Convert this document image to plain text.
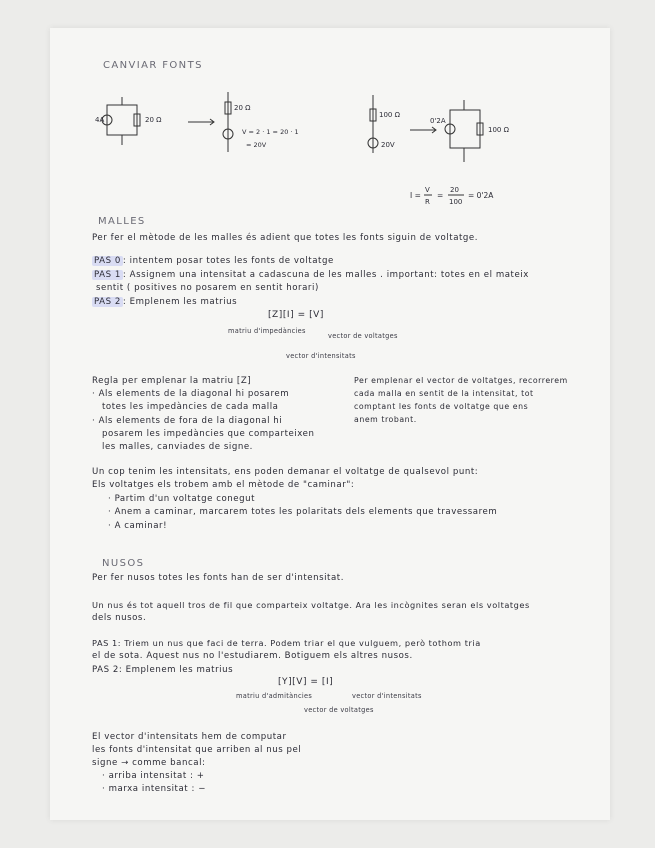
CANVIAR FONTS
4A	20 Ω
20 Ω
V = 2 · 1 = 20 · 1
= 20V
100 Ω
20V
0'2A
100 Ω
I =
V
R
=
20
100
= 0'2A
MALLES
Per fer el mètode de les malles és adient que totes les fonts siguin de voltatge.
PAS 0 : intentem posar totes les fonts de voltatge
PAS 1 : Assignem una intensitat a cadascuna de les malles . important: totes en el mateix
sentit ( positives no posarem en sentit horari)
PAS 2 : Emplenem les matrius
[Z][I] = [V]
matriu d'impedàncies
vector de voltatges
vector d'intensitats
Regla per emplenar la matriu [Z]
· Als elements de la diagonal hi posarem
totes les impedàncies de cada malla
· Als elements de fora de la diagonal hi
posarem les impedàncies que comparteixen
les malles, canviades de signe.
Per emplenar el vector de voltatges, recorrerem
cada malla en sentit de la intensitat, tot
comptant les fonts de voltatge que ens
anem trobant.
Un cop tenim les intensitats, ens poden demanar el voltatge de qualsevol punt:
Els voltatges els trobem amb el mètode de "caminar":
· Partim d'un voltatge conegut
· Anem a caminar, marcarem totes les polaritats dels elements que travessarem
· A caminar!
NUSOS
Per fer nusos totes les fonts han de ser d'intensitat.
Un nus és tot aquell tros de fil que comparteix voltatge. Ara les incògnites seran els voltatges
dels nusos.
PAS 1: Triem un nus que faci de terra. Podem triar el que vulguem, però tothom tria
el de sota. Aquest nus no l'estudiarem. Botiguem els altres nusos.
PAS 2: Emplenem les matrius
[Y][V] = [I]
matriu d'admitàncies	vector d'intensitats
vector de voltatges
El vector d'intensitats hem de computar
les fonts d'intensitat que arriben al nus pel
signe → comme bancal:
· arriba intensitat : +
· marxa intensitat : −
